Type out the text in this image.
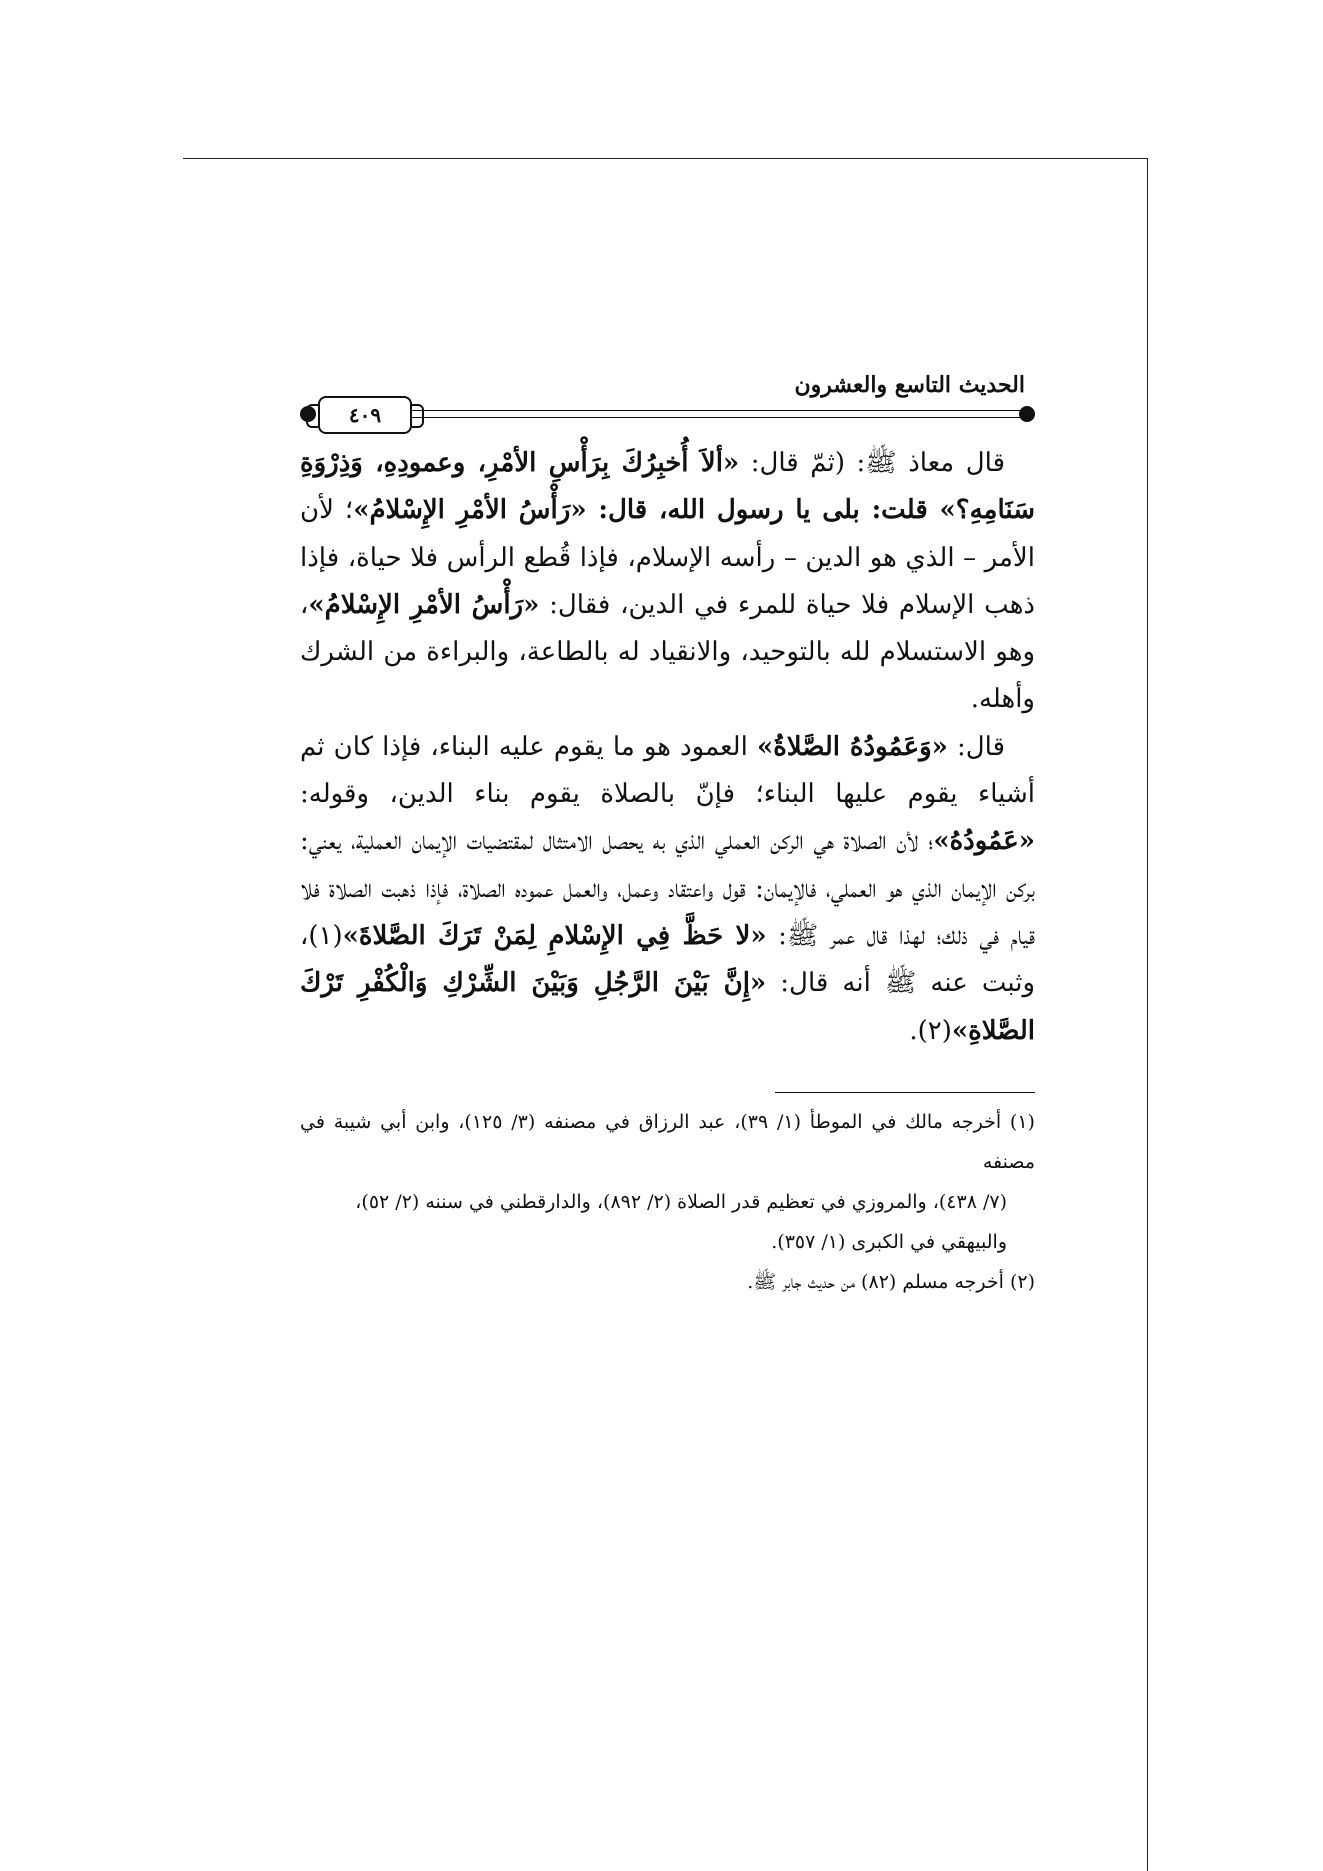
الحديث التاسع والعشرون
٤٠٩

قال معاذ ﷺ: (ثمّ قال: «ألاَ أُخبِرُكَ بِرَأْسِ الأمْرِ، وعمودِهِ، وَذِرْوَةِ سَنَامِهِ؟» قلت: بلى يا رسول الله، قال: «رَأْسُ الأمْرِ الإِسْلامُ»؛ لأن الأمر – الذي هو الدين – رأسه الإسلام، فإذا قُطع الرأس فلا حياة، فإذا ذهب الإسلام فلا حياة للمرء في الدين، فقال: «رَأْسُ الأمْرِ الإِسْلامُ»، وهو الاستسلام لله بالتوحيد، والانقياد له بالطاعة، والبراءة من الشرك وأهله.

قال: «وَعَمُودُهُ الصَّلاةُ» العمود هو ما يقوم عليه البناء، فإذا كان ثم أشياء يقوم عليها البناء؛ فإنّ بالصلاة يقوم بناء الدين، وقوله: «عَمُودُهُ»؛ لأن الصلاة هي الركن العملي الذي به يحصل الامتثال لمقتضيات الإيمان العملية، يعني: بركن الإيمان الذي هو العملي، فالإيمان: قول واعتقاد وعمل، والعمل عموده الصلاة، فإذا ذهبت الصلاة فلا قيام في ذلك؛ لهذا قال عمر ﷺ: «لا حَظَّ فِي الإِسْلامِ لِمَنْ تَرَكَ الصَّلاةَ»(١)، وثبت عنه ﷺ أنه قال: «إِنَّ بَيْنَ الرَّجُلِ وَبَيْنَ الشِّرْكِ وَالْكُفْرِ تَرْكَ الصَّلاةِ»(٢).

(١) أخرجه مالك في الموطأ (١/ ٣٩)، عبد الرزاق في مصنفه (٣/ ١٢٥)، وابن أبي شيبة في مصنفه
(٧/ ٤٣٨)، والمروزي في تعظيم قدر الصلاة (٢/ ٨٩٢)، والدارقطني في سننه (٢/ ٥٢)،
والبيهقي في الكبرى (١/ ٣٥٧).
(٢) أخرجه مسلم (٨٢) من حديث جابر ﷺ.
